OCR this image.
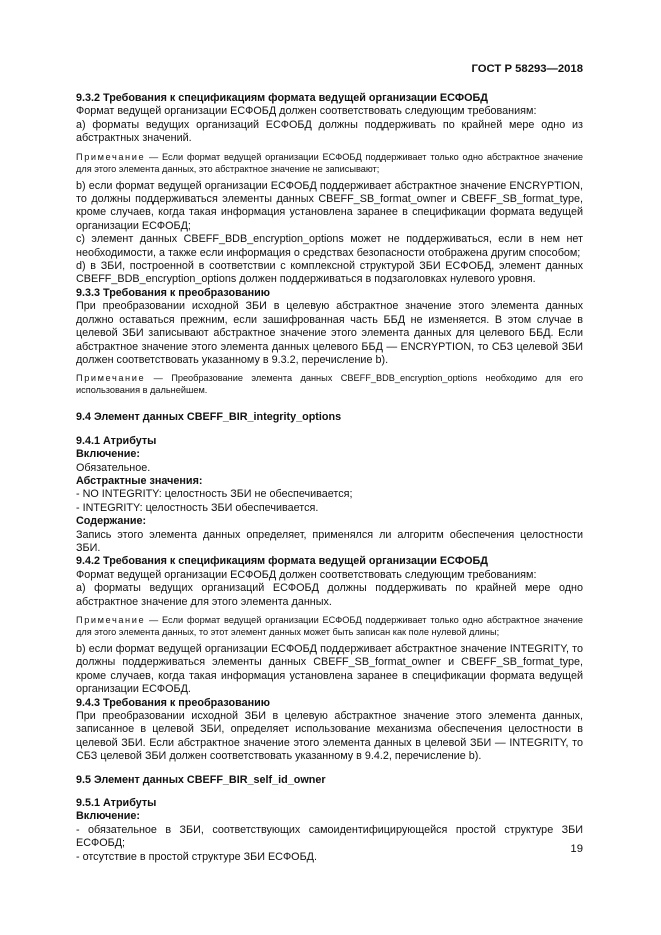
ГОСТ Р 58293—2018

9.3.2 Требования к спецификациям формата ведущей организации ЕСФОБД

Формат ведущей организации ЕСФОБД должен соответствовать следующим требованиям:

а) форматы ведущих организаций ЕСФОБД должны поддерживать по крайней мере одно из абстрактных значений.

Примечание — Если формат ведущей организации ЕСФОБД поддерживает только одно абстрактное значение для этого элемента данных, это абстрактное значение не записывают;

b) если формат ведущей организации ЕСФОБД поддерживает абстрактное значение ENCRYPTION, то должны поддерживаться элементы данных CBEFF_SB_format_owner и CBEFF_SB_format_type, кроме случаев, когда такая информация установлена заранее в спецификации формата ведущей организации ЕСФОБД;

c) элемент данных CBEFF_BDB_encryption_options может не поддерживаться, если в нем нет необходимости, а также если информация о средствах безопасности отображена другим способом;

d) в ЗБИ, построенной в соответствии с комплексной структурой ЗБИ ЕСФОБД, элемент данных CBEFF_BDB_encryption_options должен поддерживаться в подзаголовках нулевого уровня.

9.3.3 Требования к преобразованию

При преобразовании исходной ЗБИ в целевую абстрактное значение этого элемента данных должно оставаться прежним, если зашифрованная часть ББД не изменяется. В этом случае в целевой ЗБИ записывают абстрактное значение этого элемента данных для целевого ББД. Если абстрактное значение этого элемента данных целевого ББД — ENCRYPTION, то СБЗ целевой ЗБИ должен соответствовать указанному в 9.3.2, перечисление b).

Примечание — Преобразование элемента данных CBEFF_BDB_encryption_options необходимо для его использования в дальнейшем.

9.4 Элемент данных CBEFF_BIR_integrity_options

9.4.1 Атрибуты

Включение:

Обязательное.

Абстрактные значения:

- NO INTEGRITY: целостность ЗБИ не обеспечивается;

- INTEGRITY: целостность ЗБИ обеспечивается.

Содержание:

Запись этого элемента данных определяет, применялся ли алгоритм обеспечения целостности ЗБИ.

9.4.2 Требования к спецификациям формата ведущей организации ЕСФОБД

Формат ведущей организации ЕСФОБД должен соответствовать следующим требованиям:

а) форматы ведущих организаций ЕСФОБД должны поддерживать по крайней мере одно абстрактное значение для этого элемента данных.

Примечание — Если формат ведущей организации ЕСФОБД поддерживает только одно абстрактное значение для этого элемента данных, то этот элемент данных может быть записан как поле нулевой длины;

b) если формат ведущей организации ЕСФОБД поддерживает абстрактное значение INTEGRITY, то должны поддерживаться элементы данных CBEFF_SB_format_owner и CBEFF_SB_format_type, кроме случаев, когда такая информация установлена заранее в спецификации формата ведущей организации ЕСФОБД.

9.4.3 Требования к преобразованию

При преобразовании исходной ЗБИ в целевую абстрактное значение этого элемента данных, записанное в целевой ЗБИ, определяет использование механизма обеспечения целостности в целевой ЗБИ. Если абстрактное значение этого элемента данных в целевой ЗБИ — INTEGRITY, то СБЗ целевой ЗБИ должен соответствовать указанному в 9.4.2, перечисление b).

9.5 Элемент данных CBEFF_BIR_self_id_owner

9.5.1 Атрибуты

Включение:

- обязательное в ЗБИ, соответствующих самоидентифицирующейся простой структуре ЗБИ ЕСФОБД;

- отсутствие в простой структуре ЗБИ ЕСФОБД.

19
